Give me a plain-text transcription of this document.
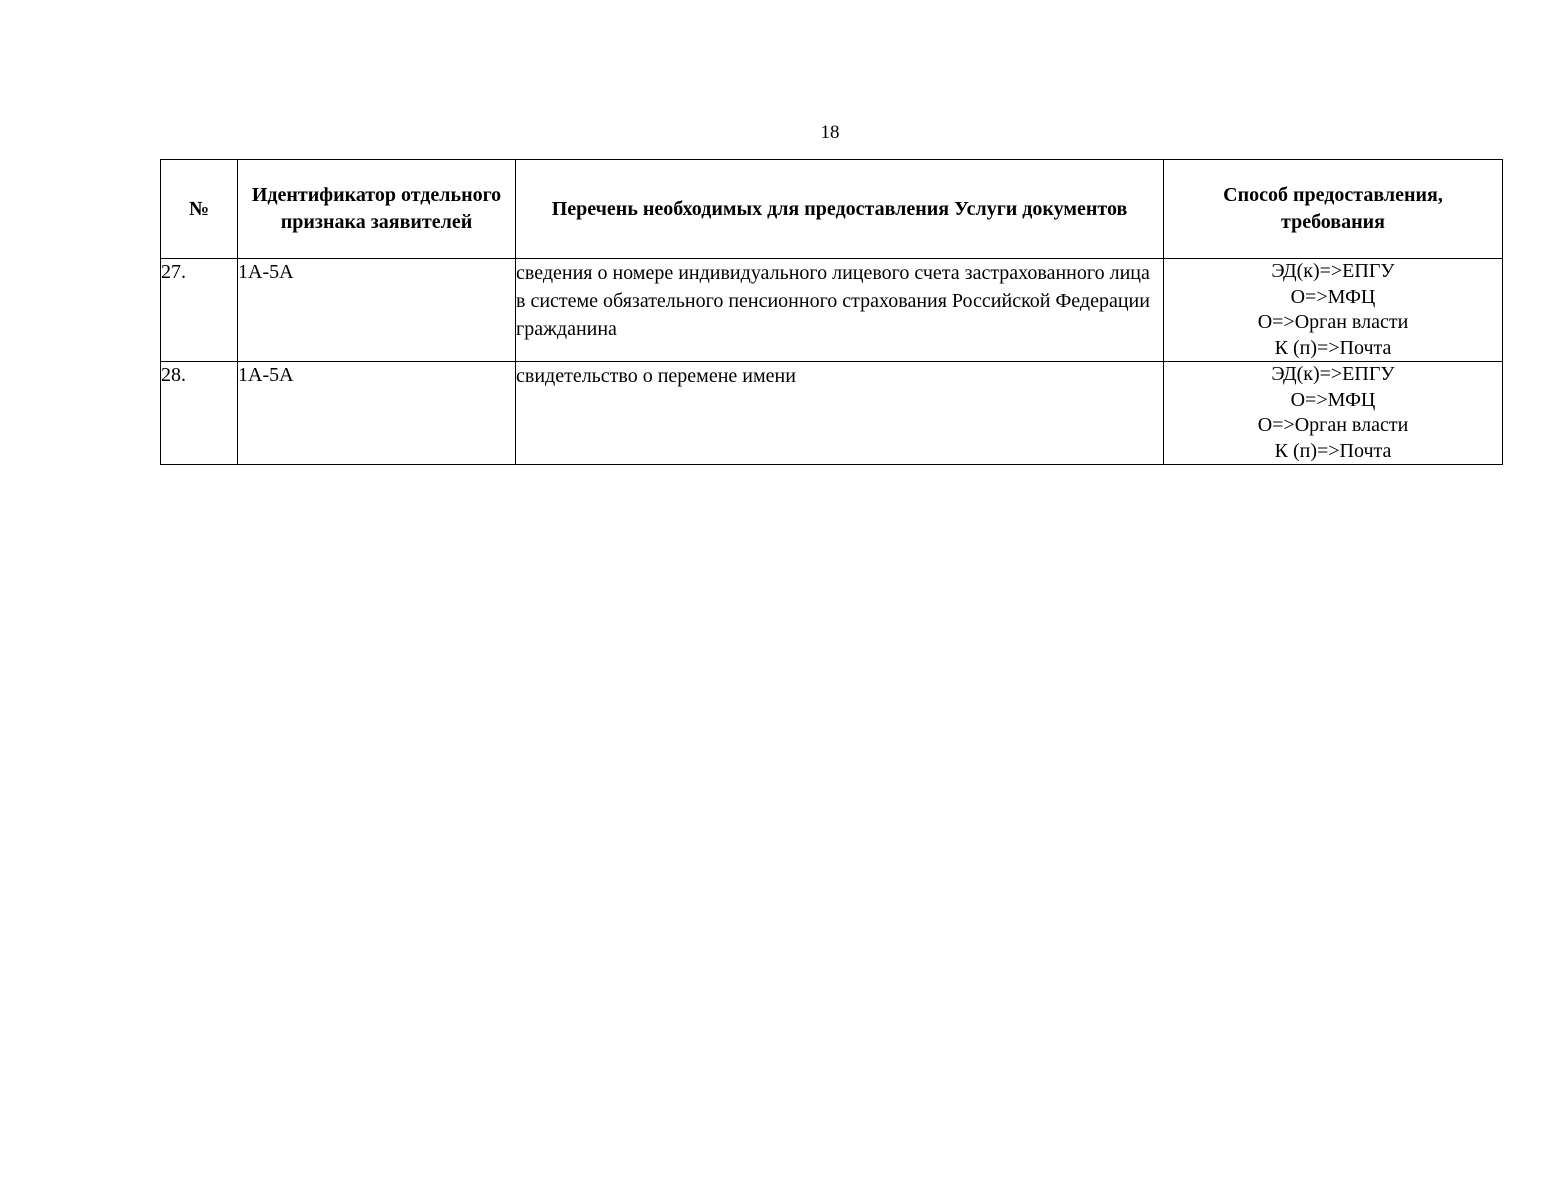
18
№	Идентификатор отдельного признака заявителей	Перечень необходимых для предоставления Услуги документов	Способ предоставления, требования
27.	1А-5А	сведения о номере индивидуального лицевого счета застрахованного лица в системе обязательного пенсионного страхования Российской Федерации гражданина	ЭД(к)=>ЕПГУ
О=>МФЦ
О=>Орган власти
К (п)=>Почта

28.	1А-5А	свидетельство о перемене имени	ЭД(к)=>ЕПГУ
О=>МФЦ
О=>Орган власти
К (п)=>Почта
